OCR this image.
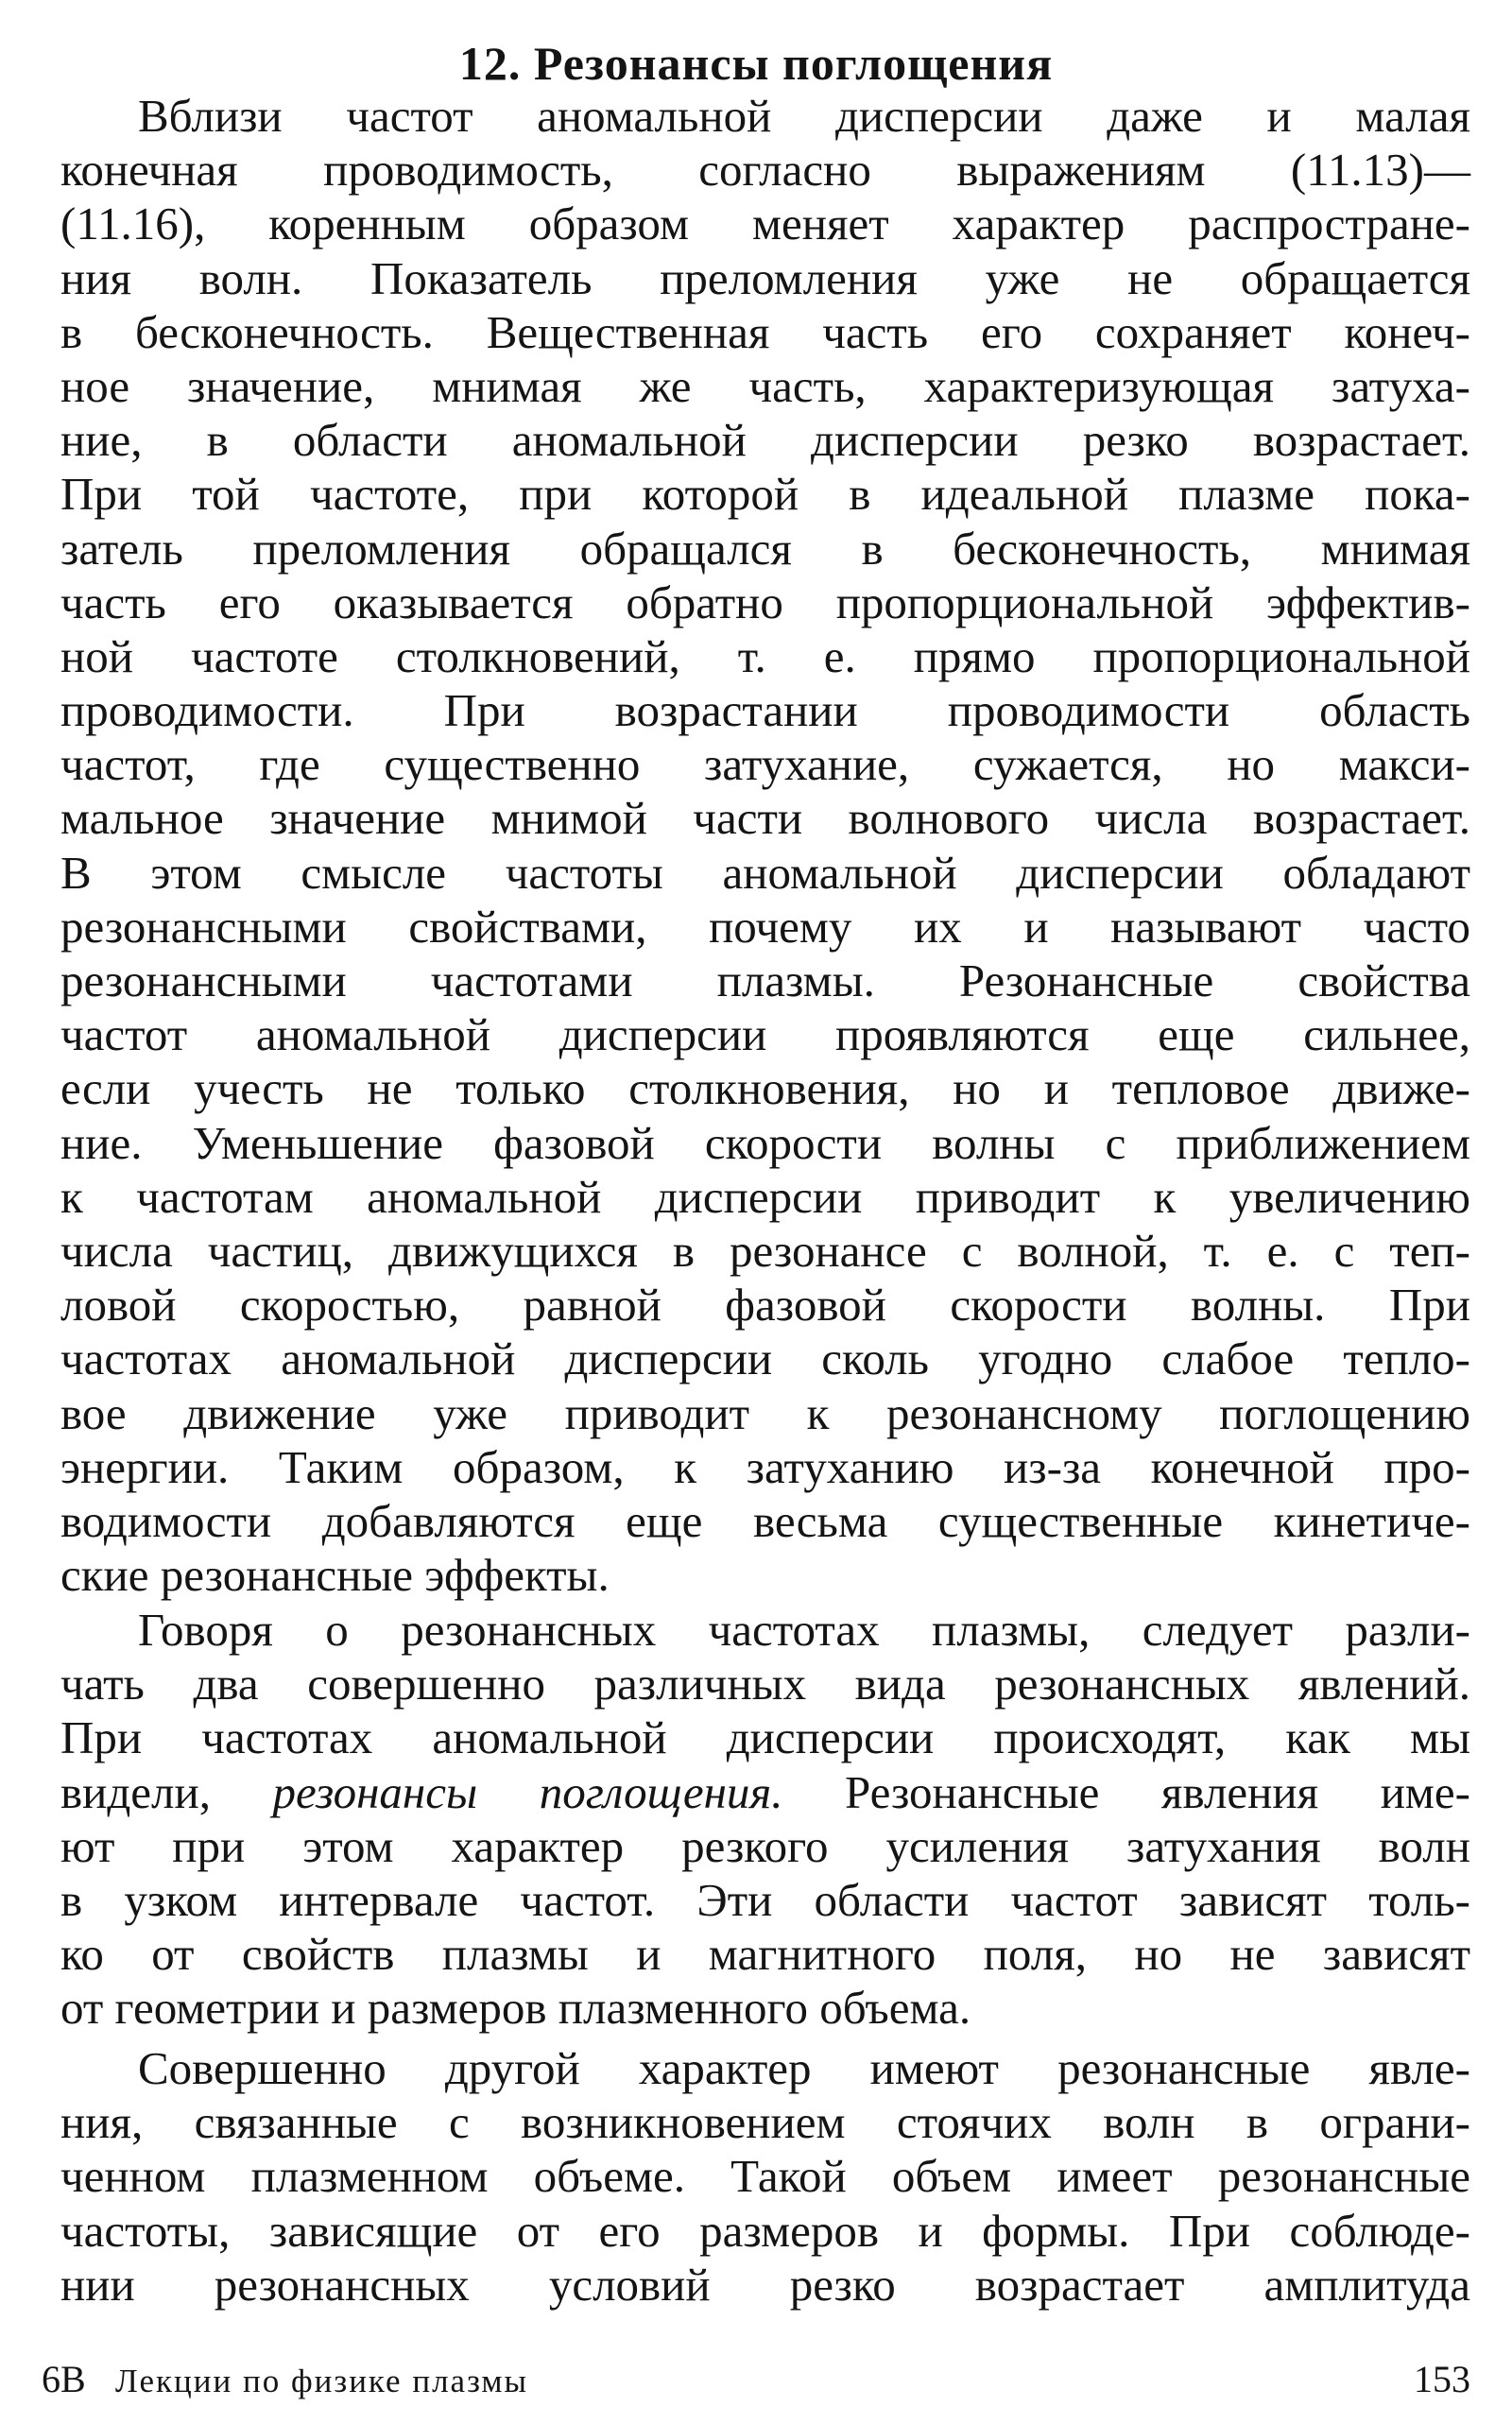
12. Резонансы поглощения
Вблизи частот аномальной дисперсии даже и малая
конечная проводимость, согласно выражениям (11.13)—
(11.16), коренным образом меняет характер распростране-
ния волн. Показатель преломления уже не обращается
в бесконечность. Вещественная часть его сохраняет конеч-
ное значение, мнимая же часть, характеризующая затуха-
ние, в области аномальной дисперсии резко возрастает.
При той частоте, при которой в идеальной плазме пока-
затель преломления обращался в бесконечность, мнимая
часть его оказывается обратно пропорциональной эффектив-
ной частоте столкновений, т. е. прямо пропорциональной
проводимости. При возрастании проводимости область
частот, где существенно затухание, сужается, но макси-
мальное значение мнимой части волнового числа возрастает.
В этом смысле частоты аномальной дисперсии обладают
резонансными свойствами, почему их и называют часто
резонансными частотами плазмы. Резонансные свойства
частот аномальной дисперсии проявляются еще сильнее,
если учесть не только столкновения, но и тепловое движе-
ние. Уменьшение фазовой скорости волны с приближением
к частотам аномальной дисперсии приводит к увеличению
числа частиц, движущихся в резонансе с волной, т. е. с теп-
ловой скоростью, равной фазовой скорости волны. При
частотах аномальной дисперсии сколь угодно слабое тепло-
вое движение уже приводит к резонансному поглощению
энергии. Таким образом, к затуханию из-за конечной про-
водимости добавляются еще весьма существенные кинетиче-
ские резонансные эффекты.
Говоря о резонансных частотах плазмы, следует разли-
чать два совершенно различных вида резонансных явлений.
При частотах аномальной дисперсии происходят, как мы
видели, резонансы поглощения. Резонансные явления име-
ют при этом характер резкого усиления затухания волн
в узком интервале частот. Эти области частот зависят толь-
ко от свойств плазмы и магнитного поля, но не зависят
от геометрии и размеров плазменного объема.
Совершенно другой характер имеют резонансные явле-
ния, связанные с возникновением стоячих волн в ограни-
ченном плазменном объеме. Такой объем имеет резонансные
частоты, зависящие от его размеров и формы. При соблюде-
нии резонансных условий резко возрастает амплитуда
6В Лекции по физике плазмы	153
